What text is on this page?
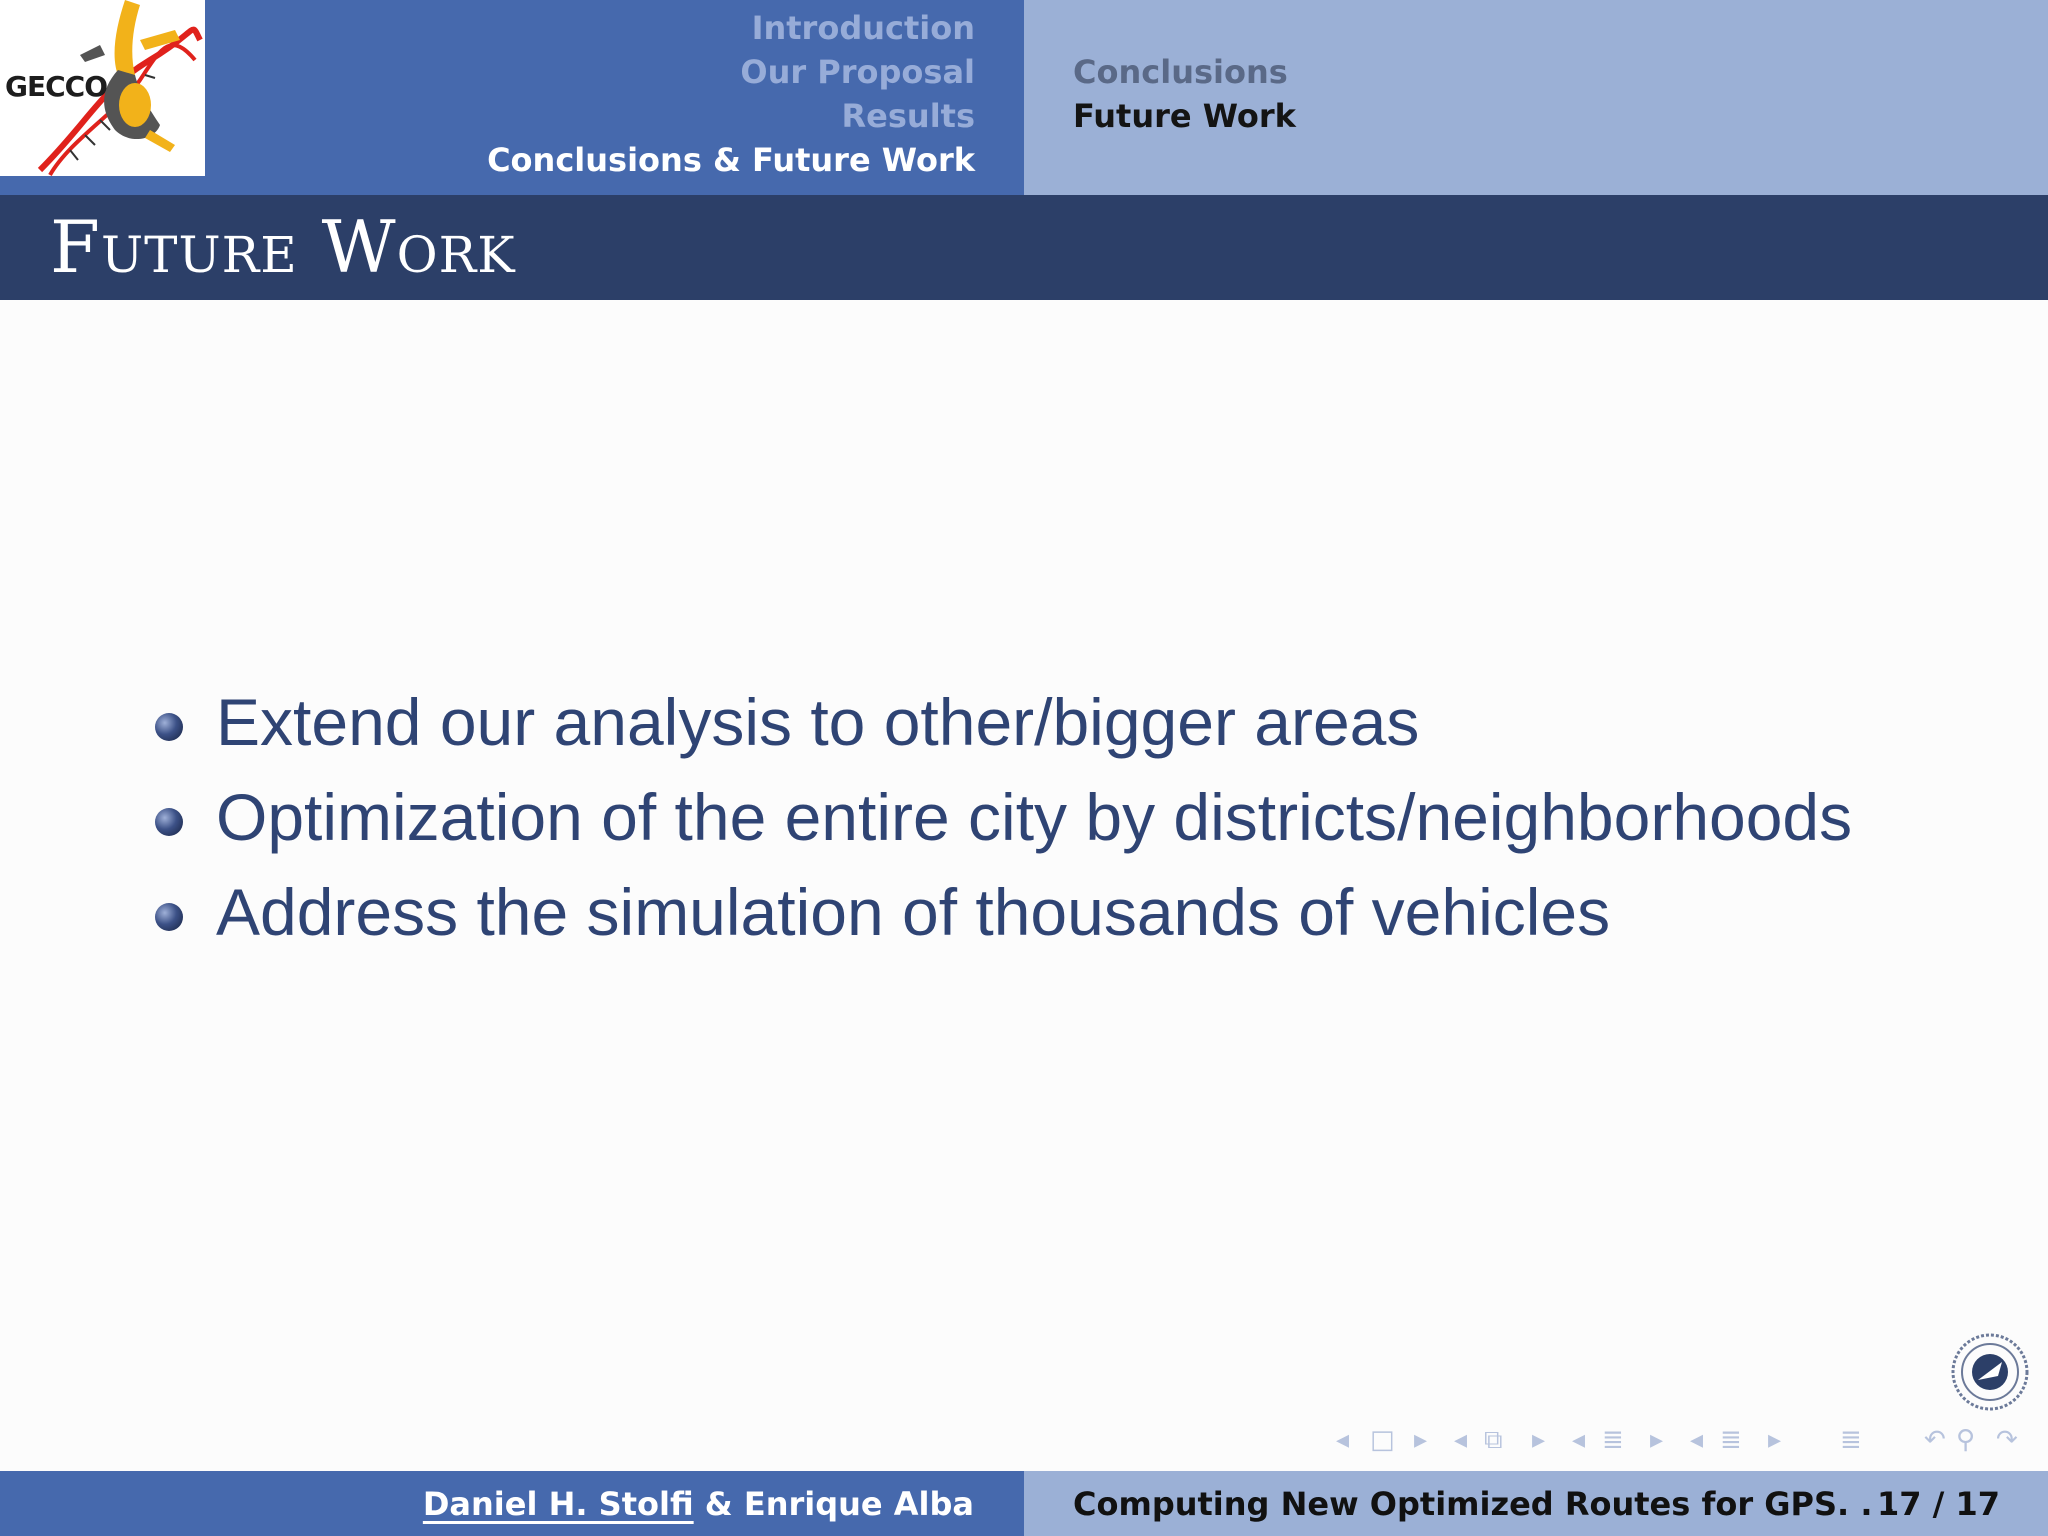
GECCO
Introduction
Our Proposal
Results
Conclusions & Future Work
Conclusions
Future Work
Future Work
Extend our analysis to other/bigger areas
Optimization of the entire city by districts/neighborhoods
Address the simulation of thousands of vehicles
◂ □ ▸ ◂ ⧉ ▸ ◂ ≣ ▸ ◂ ≣ ▸ ≣ ↶ ⚲ ↷
Daniel H. Stolfi & Enrique Alba	Computing New Optimized Routes for GPS. . .
17 / 17
